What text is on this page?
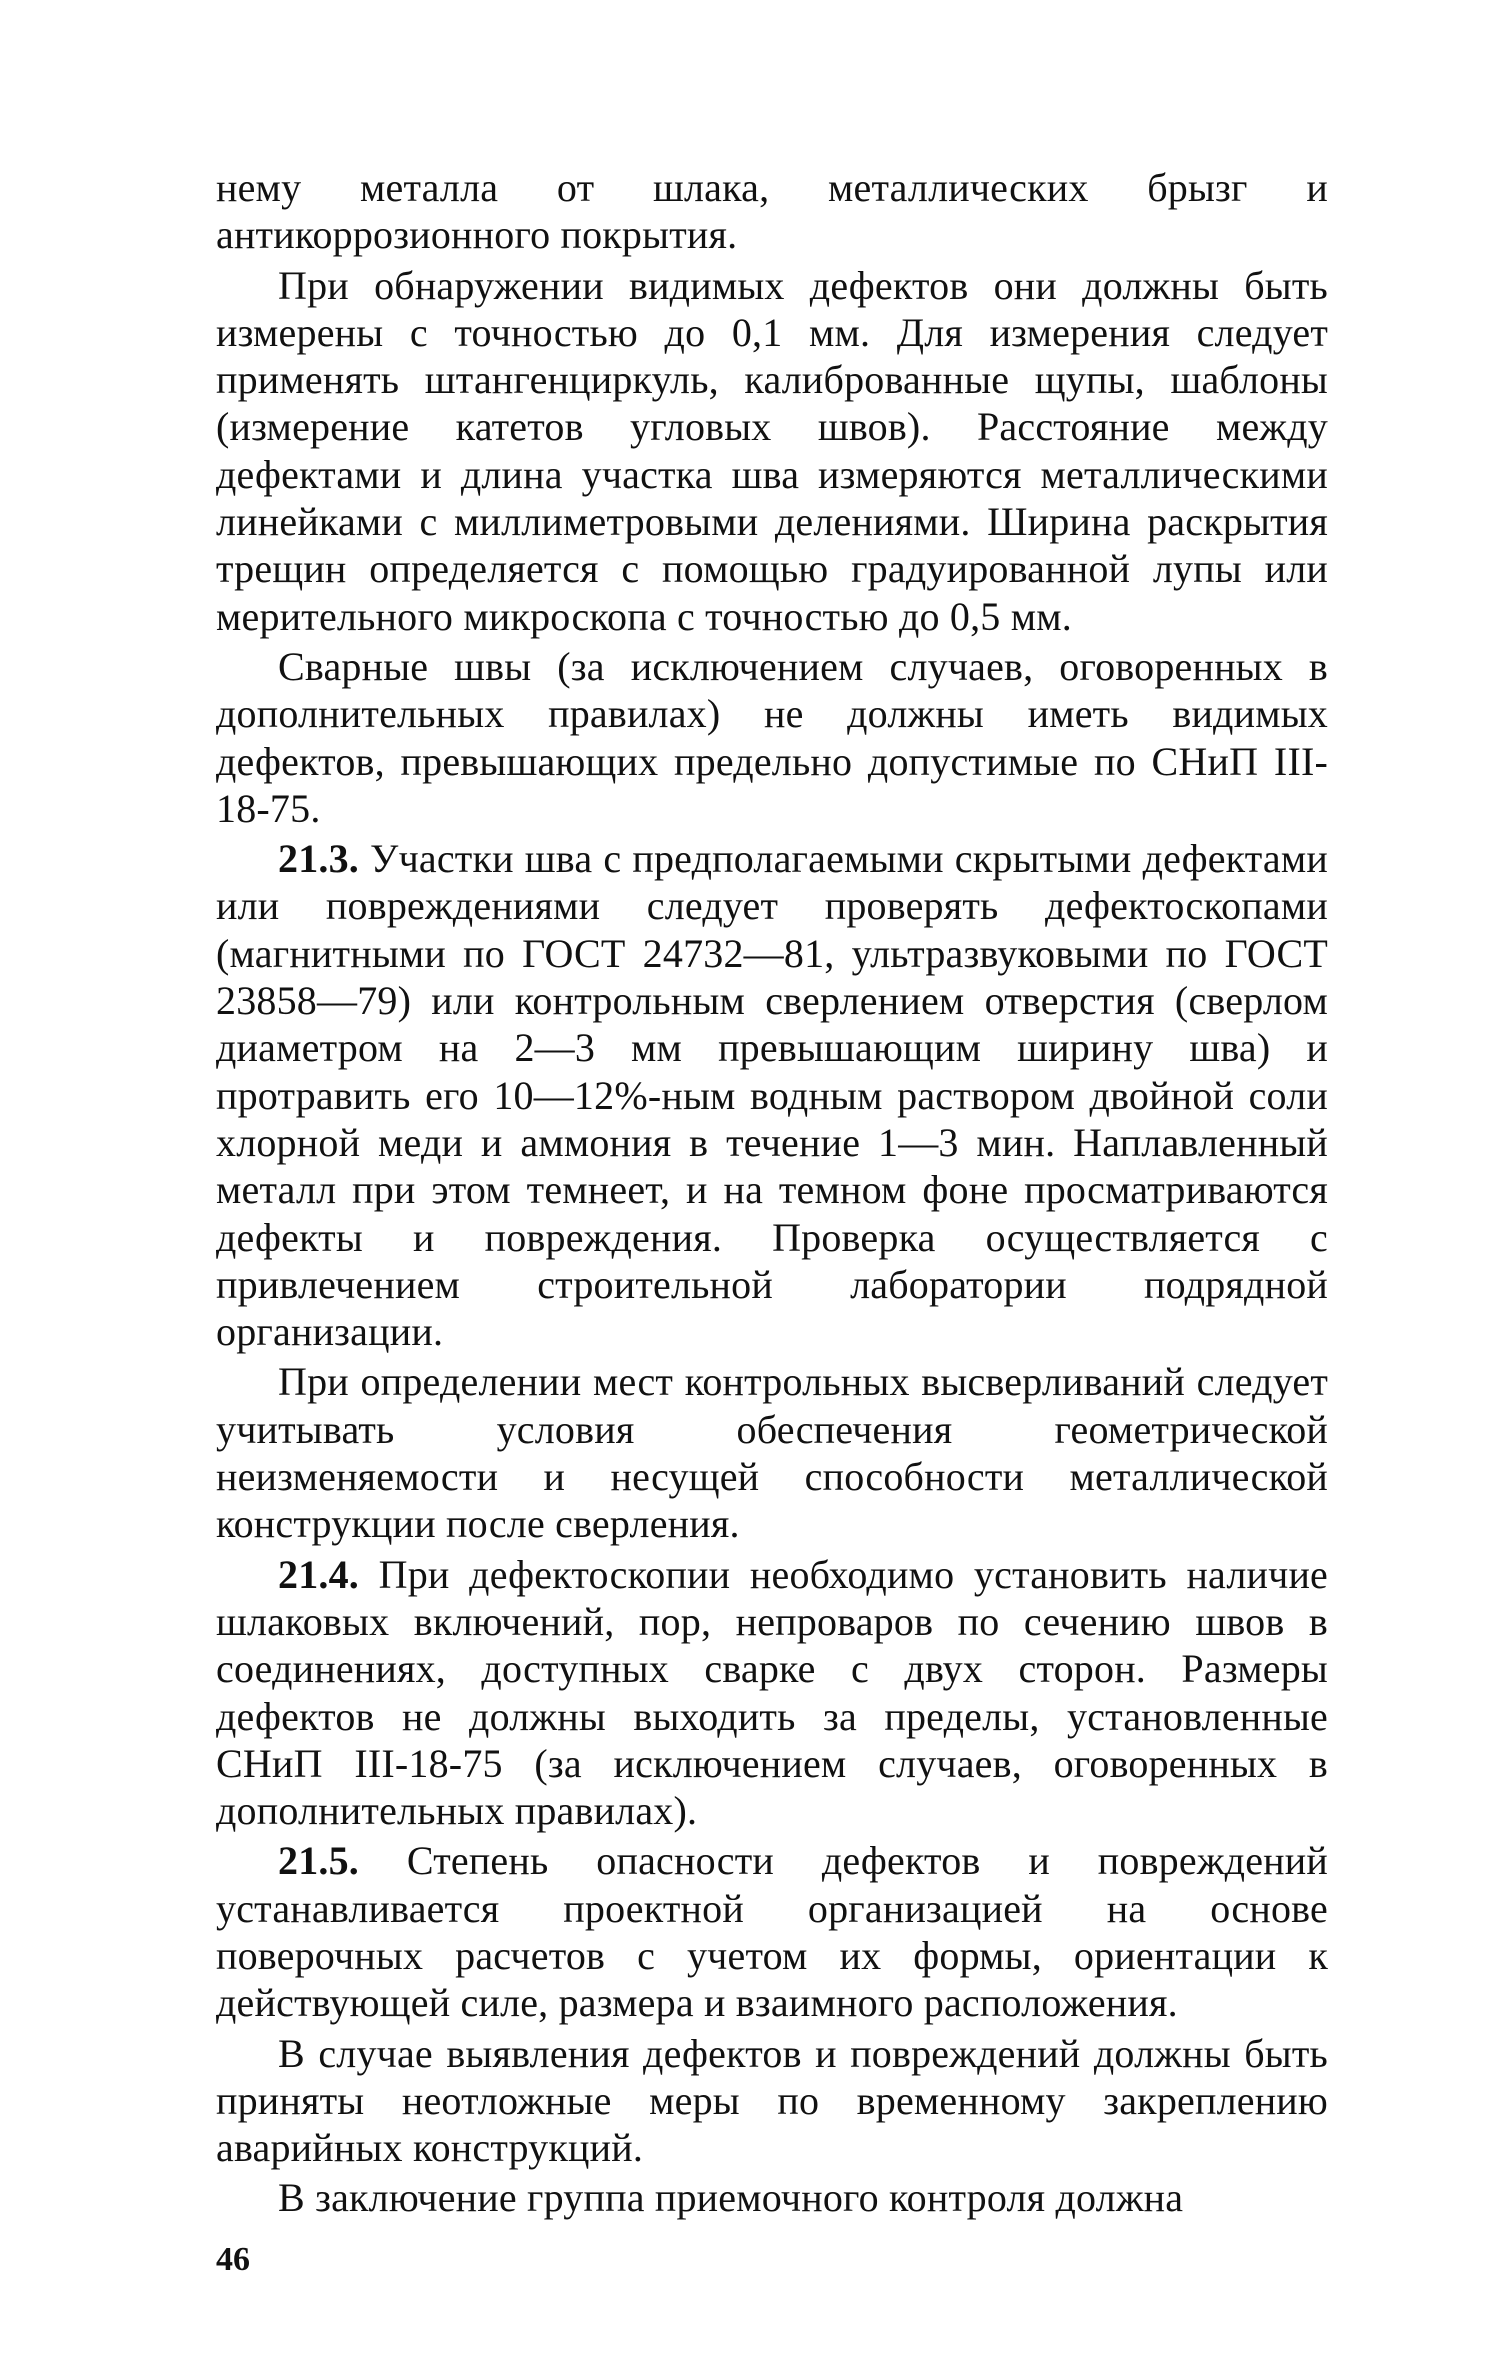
нему металла от шлака, металлических брызг и антикоррозионного покрытия.

При обнаружении видимых дефектов они должны быть измерены с точностью до 0,1 мм. Для измерения следует применять штангенциркуль, калиброванные щупы, шаблоны (измерение катетов угловых швов). Расстояние между дефектами и длина участка шва измеряются металлическими линейками с миллиметровыми делениями. Ширина раскрытия трещин определяется с помощью градуированной лупы или мерительного микроскопа с точностью до 0,5 мм.

Сварные швы (за исключением случаев, оговоренных в дополнительных правилах) не должны иметь видимых дефектов, превышающих предельно допустимые по СНиП III-18-75.

21.3. Участки шва с предполагаемыми скрытыми дефектами или повреждениями следует проверять дефектоскопами (магнитными по ГОСТ 24732—81, ультразвуковыми по ГОСТ 23858—79) или контрольным сверлением отверстия (сверлом диаметром на 2—3 мм превышающим ширину шва) и протравить его 10—12%-ным водным раствором двойной соли хлорной меди и аммония в течение 1—3 мин. Наплавленный металл при этом темнеет, и на темном фоне просматриваются дефекты и повреждения. Проверка осуществляется с привлечением строительной лаборатории подрядной организации.

При определении мест контрольных высверливаний следует учитывать условия обеспечения геометрической неизменяемости и несущей способности металлической конструкции после сверления.

21.4. При дефектоскопии необходимо установить наличие шлаковых включений, пор, непроваров по сечению швов в соединениях, доступных сварке с двух сторон. Размеры дефектов не должны выходить за пределы, установленные СНиП III-18-75 (за исключением случаев, оговоренных в дополнительных правилах).

21.5. Степень опасности дефектов и повреждений устанавливается проектной организацией на основе поверочных расчетов с учетом их формы, ориентации к действующей силе, размера и взаимного расположения.

В случае выявления дефектов и повреждений должны быть приняты неотложные меры по временному закреплению аварийных конструкций.

В заключение группа приемочного контроля должна

46
